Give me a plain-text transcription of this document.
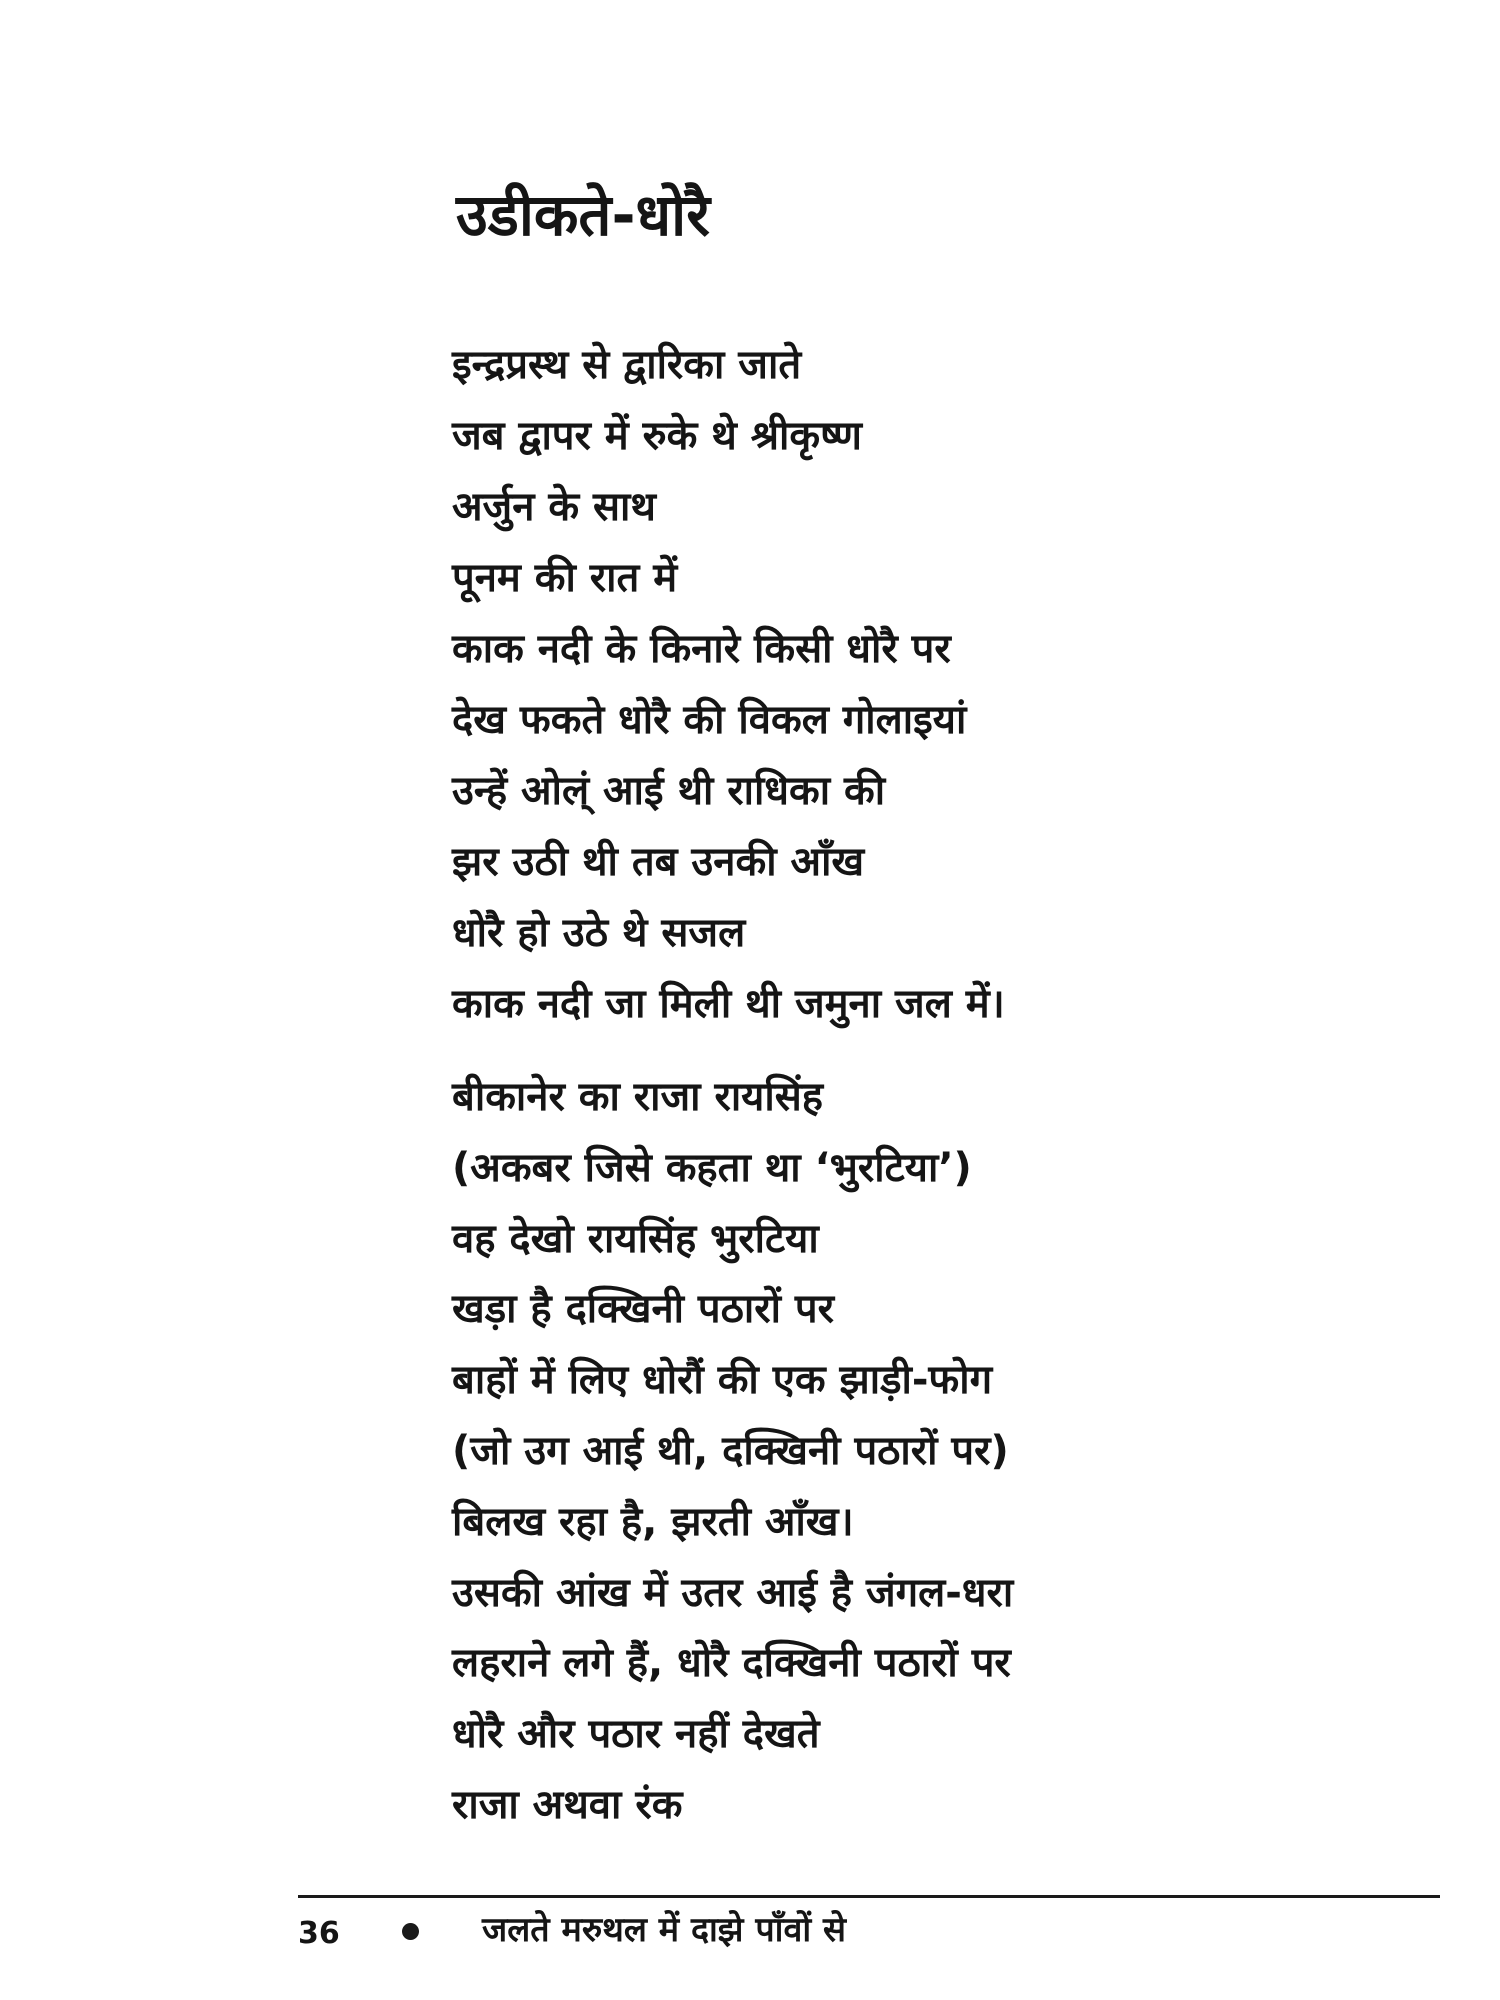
उडीकते-धोरै
इन्द्रप्रस्थ से द्वारिका जाते
जब द्वापर में रुके थे श्रीकृष्ण
अर्जुन के साथ
पूनम की रात में
काक नदी के किनारे किसी धोरै पर
देख फकते धोरै की विकल गोलाइयां
उन्हें ओल्ं आई थी राधिका की
झर उठी थी तब उनकी आँख
धोरै हो उठे थे सजल
काक नदी जा मिली थी जमुना जल में।
बीकानेर का राजा रायसिंह
(अकबर जिसे कहता था ‘भुरटिया’)
वह देखो रायसिंह भुरटिया
खड़ा है दक्खिनी पठारों पर
बाहों में लिए धोरौं की एक झाड़ी-फोग
(जो उग आई थी, दक्खिनी पठारों पर)
बिलख रहा है, झरती आँख।
उसकी आंख में उतर आई है जंगल-धरा
लहराने लगे हैं, धोरै दक्खिनी पठारों पर
धोरै और पठार नहीं देखते
राजा अथवा रंक
36	जलते मरुथल में दाझे पाँवों से
